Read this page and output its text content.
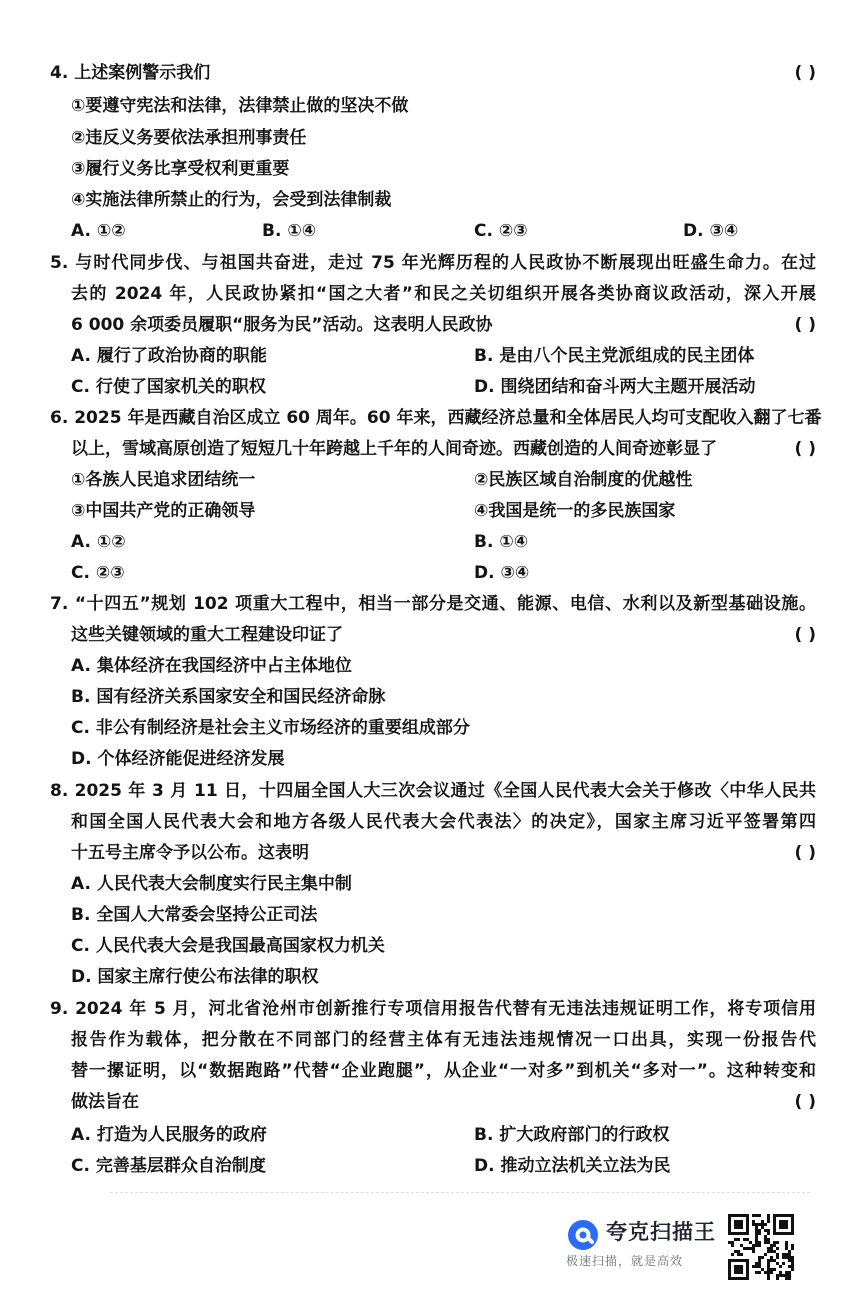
4. 上述案例警示我们	( )
①要遵守宪法和法律，法律禁止做的坚决不做
②违反义务要依法承担刑事责任
③履行义务比享受权利更重要
④实施法律所禁止的行为，会受到法律制裁
A. ①②	B. ①④	C. ②③	D. ③④
5. 与时代同步伐、与祖国共奋进，走过 75 年光辉历程的人民政协不断展现出旺盛生命力。在过
去的 2024 年，人民政协紧扣“国之大者”和民之关切组织开展各类协商议政活动，深入开展
6 000 余项委员履职“服务为民”活动。这表明人民政协	( )
A. 履行了政治协商的职能	B. 是由八个民主党派组成的民主团体
C. 行使了国家机关的职权	D. 围绕团结和奋斗两大主题开展活动
6. 2025 年是西藏自治区成立 60 周年。60 年来，西藏经济总量和全体居民人均可支配收入翻了七番
以上，雪域高原创造了短短几十年跨越上千年的人间奇迹。西藏创造的人间奇迹彰显了	( )
①各族人民追求团结统一	②民族区域自治制度的优越性
③中国共产党的正确领导	④我国是统一的多民族国家
A. ①②	B. ①④
C. ②③	D. ③④
7. “十四五”规划 102 项重大工程中，相当一部分是交通、能源、电信、水利以及新型基础设施。
这些关键领域的重大工程建设印证了	( )
A. 集体经济在我国经济中占主体地位
B. 国有经济关系国家安全和国民经济命脉
C. 非公有制经济是社会主义市场经济的重要组成部分
D. 个体经济能促进经济发展
8. 2025 年 3 月 11 日，十四届全国人大三次会议通过《全国人民代表大会关于修改〈中华人民共
和国全国人民代表大会和地方各级人民代表大会代表法〉的决定》，国家主席习近平签署第四
十五号主席令予以公布。这表明	( )
A. 人民代表大会制度实行民主集中制
B. 全国人大常委会坚持公正司法
C. 人民代表大会是我国最高国家权力机关
D. 国家主席行使公布法律的职权
9. 2024 年 5 月，河北省沧州市创新推行专项信用报告代替有无违法违规证明工作，将专项信用
报告作为载体，把分散在不同部门的经营主体有无违法违规情况一口出具，实现一份报告代
替一摞证明，以“数据跑路”代替“企业跑腿”，从企业“一对多”到机关“多对一”。这种转变和
做法旨在	( )
A. 打造为人民服务的政府	B. 扩大政府部门的行政权
C. 完善基层群众自治制度	D. 推动立法机关立法为民
夸克扫描王
极速扫描，就是高效
